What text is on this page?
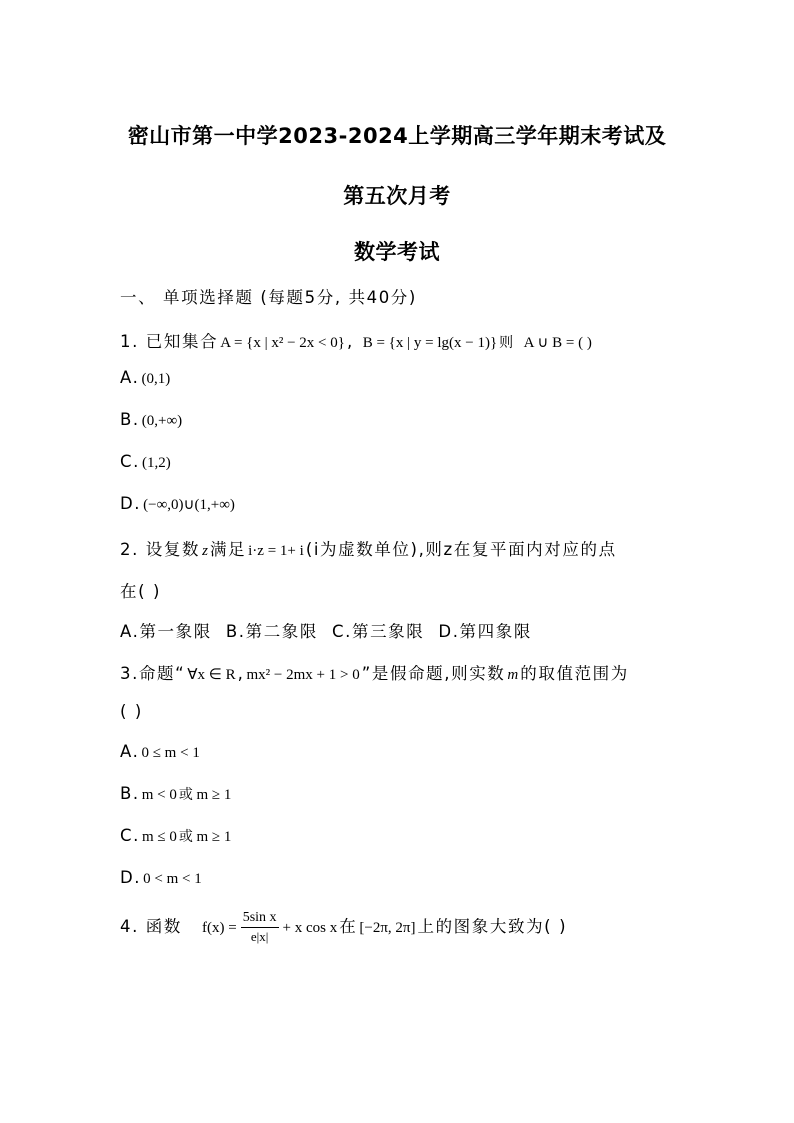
密山市第一中学2023-2024上学期高三学年期末考试及
第五次月考
数学考试
一、 单项选择题 (每题5分, 共40分)
1. 已知集合 A = {x | x² − 2x < 0} , B = {x | y = lg(x − 1)} 则 A ∪ B = ( )
A. (0,1)
B. (0,+∞)
C. (1,2)
D. (−∞,0)∪(1,+∞)
2. 设复数 z 满足 i·z = 1+ i (i为虚数单位),则z在复平面内对应的点
在( )
A.第一象限 B.第二象限 C.第三象限 D.第四象限
3.命题“ ∀x ∈ R , mx² − 2mx + 1 > 0 ”是假命题,则实数 m 的取值范围为
( )
A. 0 ≤ m < 1
B. m < 0 或 m ≥ 1
C. m ≤ 0 或 m ≥ 1
D. 0 < m < 1
4. 函数 $f(x) = \frac{\text{5sin x}}{e|x|} + x$ cos x 在 [−2π, 2π] 上的图象大致为( )
